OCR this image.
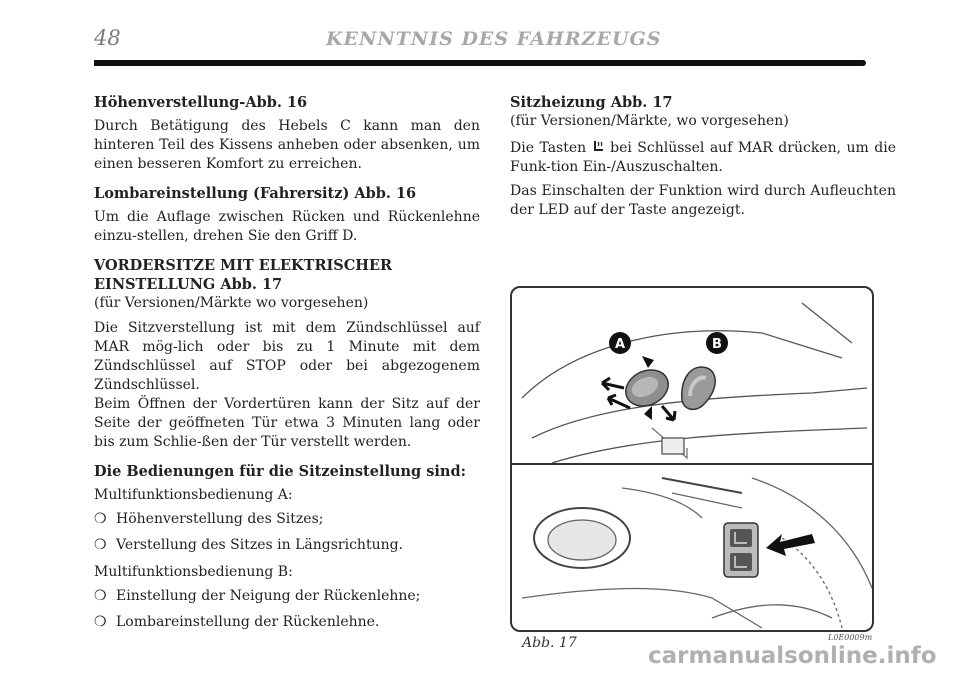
48	KENNTNIS DES FAHRZEUGS
Höhenverstellung-Abb. 16

Durch Betätigung des Hebels C kann man den hinteren Teil des Kissens anheben oder absenken, um einen besseren Komfort zu erreichen.

Lombareinstellung (Fahrersitz) Abb. 16

Um die Auflage zwischen Rücken und Rückenlehne einzu-stellen, drehen Sie den Griff D.

VORDERSITZE MIT ELEKTRISCHER
EINSTELLUNG Abb. 17
(für Versionen/Märkte wo vorgesehen)

Die Sitzverstellung ist mit dem Zündschlüssel auf MAR mög-lich oder bis zu 1 Minute mit dem Zündschlüssel auf STOP oder bei abgezogenem Zündschlüssel.

Beim Öffnen der Vordertüren kann der Sitz auf der Seite der geöffneten Tür etwa 3 Minuten lang oder bis zum Schlie-ßen der Tür verstellt werden.

Die Bedienungen für die Sitzeinstellung sind:

Multifunktionsbedienung A:

❍ Höhenverstellung des Sitzes;
❍ Verstellung des Sitzes in Längsrichtung.

Multifunktionsbedienung B:

❍ Einstellung der Neigung der Rückenlehne;
❍ Lombareinstellung der Rückenlehne.
Sitzheizung Abb. 17
(für Versionen/Märkte, wo vorgesehen)

Die Tasten bei Schlüssel auf MAR drücken, um die Funk-tion Ein-/Auszuschalten.

Das Einschalten der Funktion wird durch Aufleuchten der LED auf der Taste angezeigt.

A	B
Abb. 17	L0E0009m
carmanualsonline.info
